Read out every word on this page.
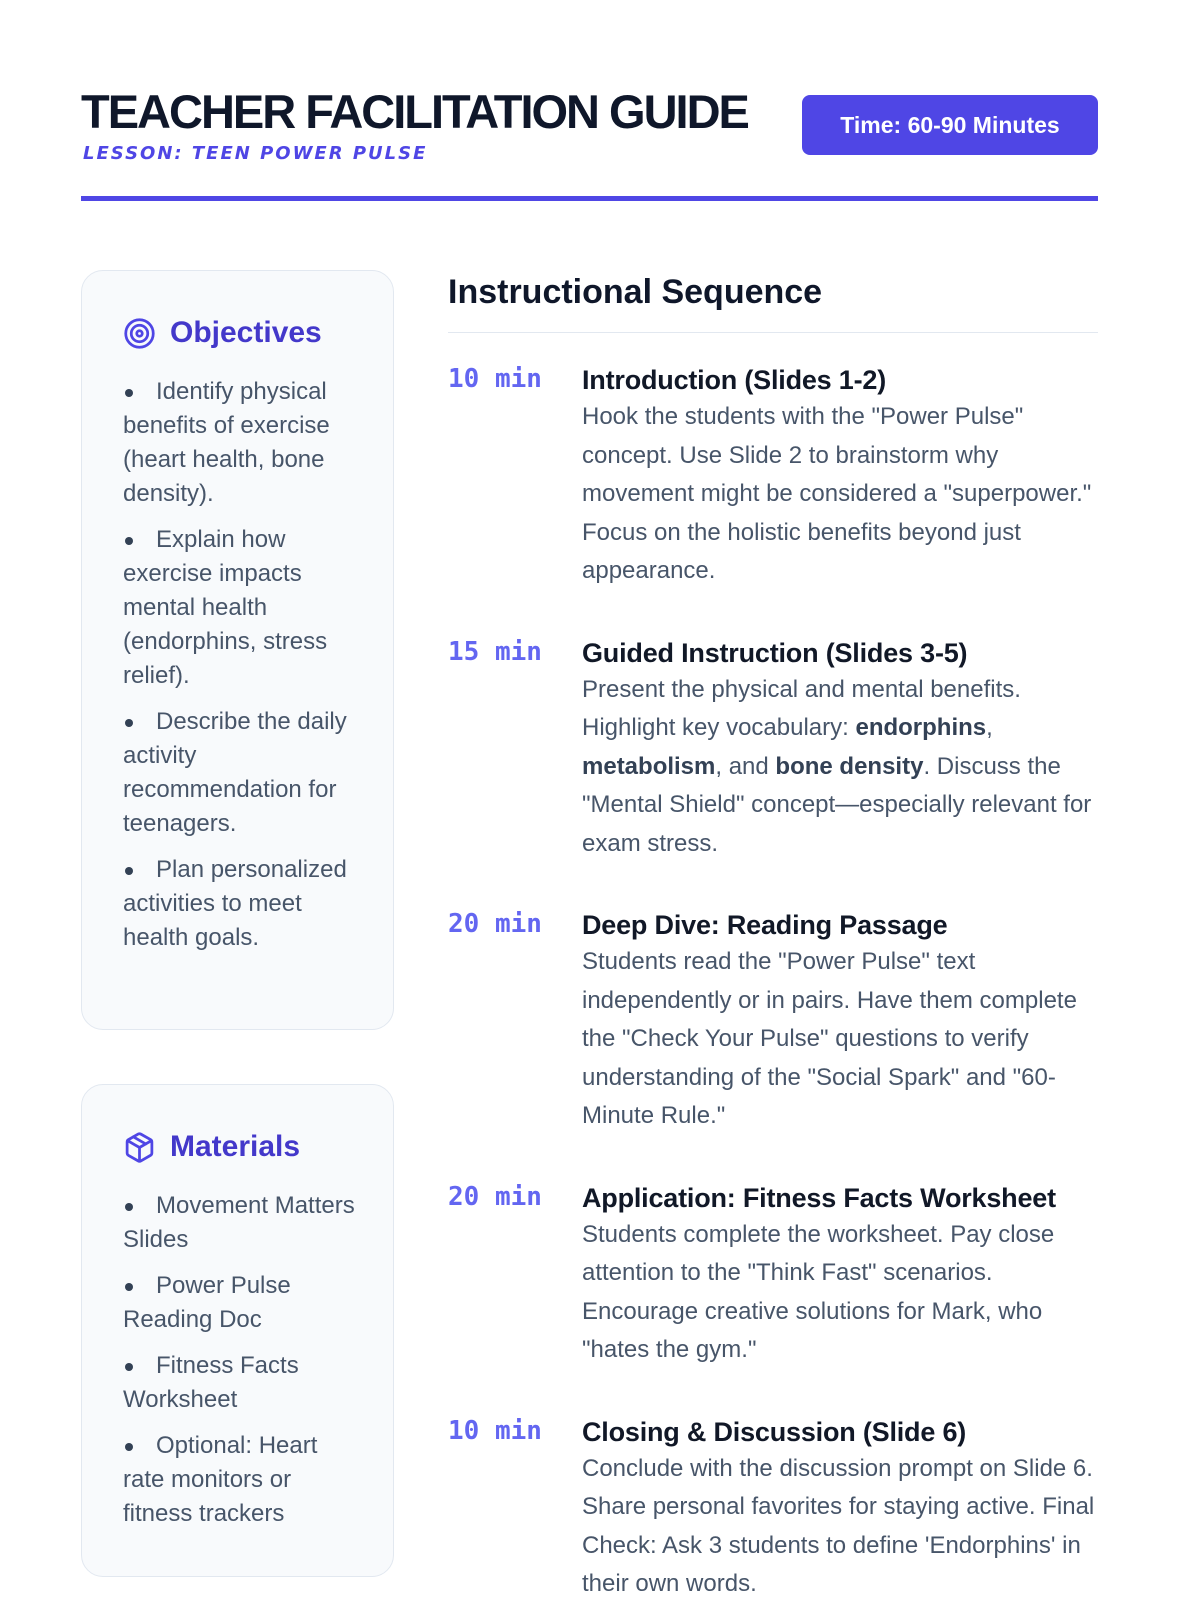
TEACHER FACILITATION GUIDE
LESSON: TEEN POWER PULSE
Time: 60-90 Minutes
Objectives
Identify physical benefits of exercise (heart health, bone density).
Explain how exercise impacts mental health (endorphins, stress relief).
Describe the daily activity recommendation for teenagers.
Plan personalized activities to meet health goals.
Materials
Movement Matters Slides
Power Pulse Reading Doc
Fitness Facts Worksheet
Optional: Heart rate monitors or fitness trackers
Instructional Sequence
10 min Introduction (Slides 1-2)

Hook the students with the "Power Pulse" concept. Use Slide 2 to brainstorm why movement might be considered a "superpower." Focus on the holistic benefits beyond just appearance.

15 min Guided Instruction (Slides 3-5)

Present the physical and mental benefits. Highlight key vocabulary: endorphins, metabolism, and bone density. Discuss the "Mental Shield" concept—especially relevant for exam stress.

20 min Deep Dive: Reading Passage

Students read the "Power Pulse" text independently or in pairs. Have them complete the "Check Your Pulse" questions to verify understanding of the "Social Spark" and "60-Minute Rule."

20 min Application: Fitness Facts Worksheet

Students complete the worksheet. Pay close attention to the "Think Fast" scenarios. Encourage creative solutions for Mark, who "hates the gym."

10 min Closing & Discussion (Slide 6)

Conclude with the discussion prompt on Slide 6. Share personal favorites for staying active. Final Check: Ask 3 students to define 'Endorphins' in their own words.
